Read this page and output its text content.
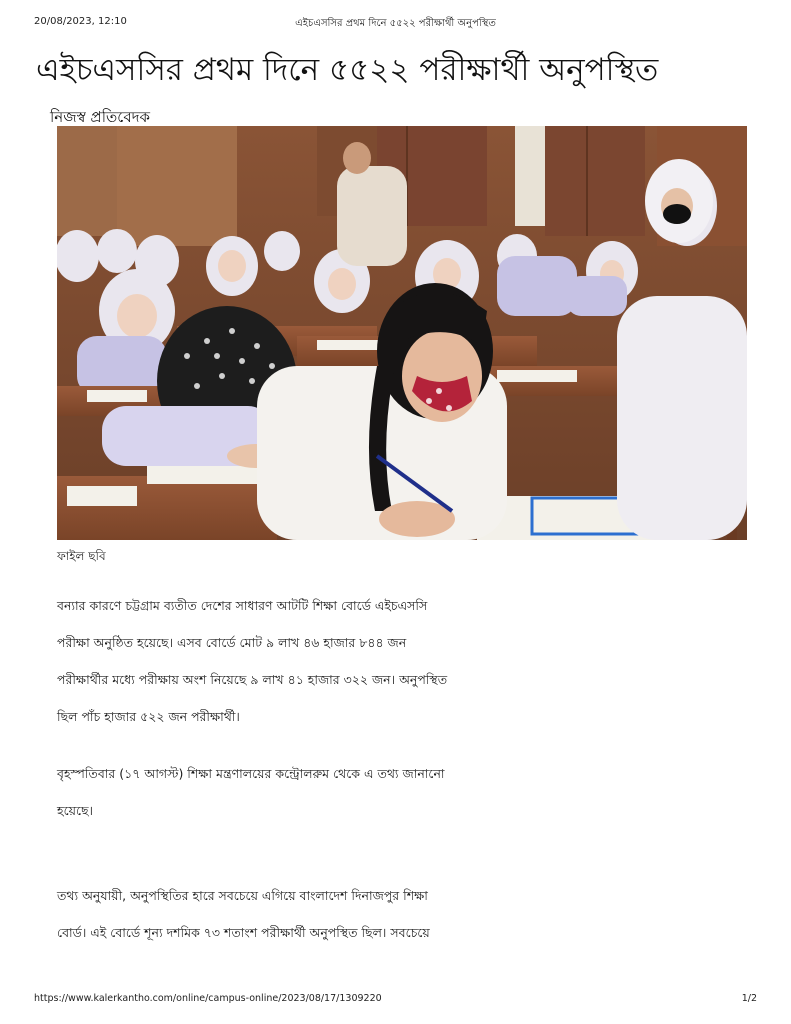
এইচএসসির প্রথম দিনে ৫৫২২ পরীক্ষার্থী অনুপস্থিত
20/08/2023, 12:10
এইচএসসির প্রথম দিনে ৫৫২২ পরীক্ষার্থী অনুপস্থিত
নিজস্ব প্রতিবেদক
ফাইল ছবি

বন্যার কারণে চট্টগ্রাম ব্যতীত দেশের সাধারণ আটটি শিক্ষা বোর্ডে এইচএসসি

পরীক্ষা অনুষ্ঠিত হয়েছে। এসব বোর্ডে মোট ৯ লাখ ৪৬ হাজার ৮৪৪ জন

পরীক্ষার্থীর মধ্যে পরীক্ষায় অংশ নিয়েছে ৯ লাখ ৪১ হাজার ৩২২ জন। অনুপস্থিত

ছিল পাঁচ হাজার ৫২২ জন পরীক্ষার্থী।

বৃহস্পতিবার (১৭ আগস্ট) শিক্ষা মন্ত্রণালয়ের কন্ট্রোলরুম থেকে এ তথ্য জানানো

হয়েছে।

তথ্য অনুযায়ী, অনুপস্থিতির হারে সবচেয়ে এগিয়ে বাংলাদেশ দিনাজপুর শিক্ষা

বোর্ড। এই বোর্ডে শূন্য দশমিক ৭৩ শতাংশ পরীক্ষার্থী অনুপস্থিত ছিল। সবচেয়ে

https://www.kalerkantho.com/online/campus-online/2023/08/17/1309220	1/2
